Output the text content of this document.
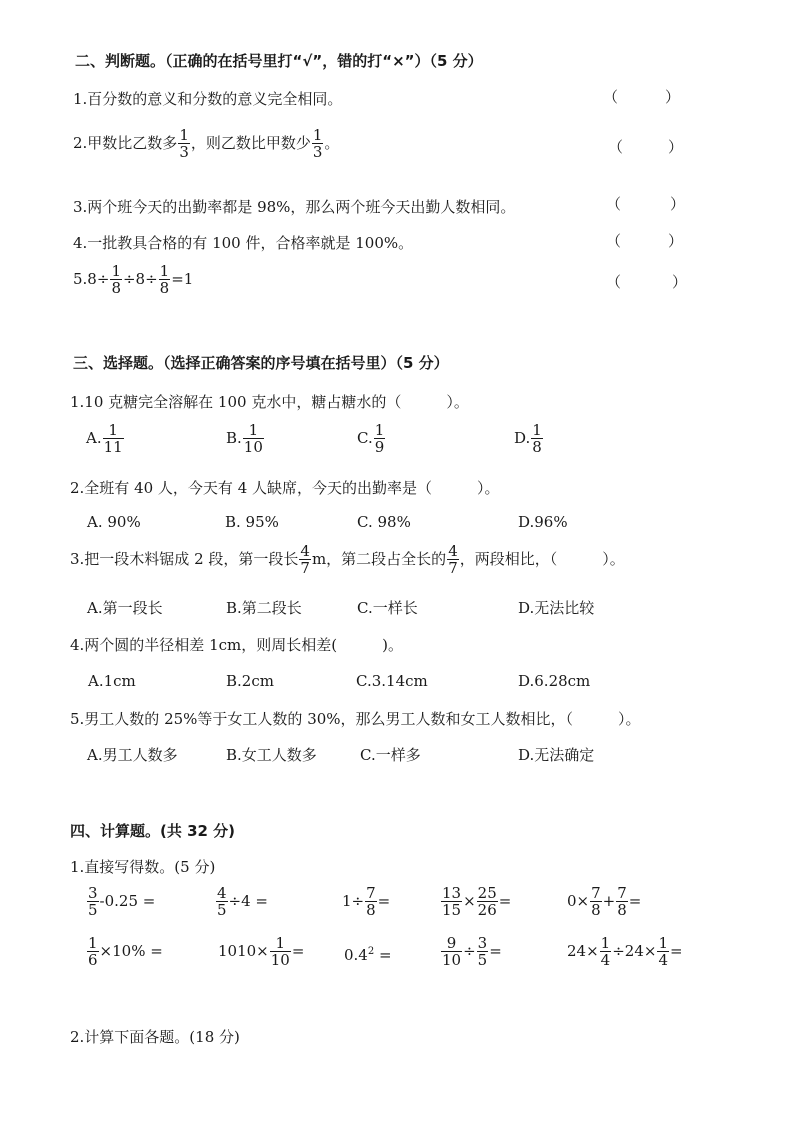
二、判断题。（正确的在括号里打“√”，错的打“×”）（5 分）
1.百分数的意义和分数的意义完全相同。	（	）
2.甲数比乙数多 $\frac{1}{3}$ ，则乙数比甲数少 $\frac{1}{3}$ 。	（	）
3.两个班今天的出勤率都是 98%，那么两个班今天出勤人数相同。	（	）
4.一批教具合格的有 100 件，合格率就是 100%。	（	）
$5.8\div \frac{1}{8} \div 8\div \frac{1}{8} =1$	（	）
三、选择题。（选择正确答案的序号填在括号里）（5 分）
1.10 克糖完全溶解在 100 克水中，糖占糖水的（　　　）。
A. $\frac{1}{11}$	B. $\frac{1}{10}$	C. $\frac{1}{9}$	D. $\frac{1}{8}$
2.全班有 40 人，今天有 4 人缺席，今天的出勤率是（　　　）。
A. 90%	B. 95%	C. 98%	D.96%
3.把一段木料锯成 2 段，第一段长 $\frac{4}{7}$ m，第二段占全长的 $\frac{4}{7}$ ，两段相比，（　　　）。
A.第一段长	B.第二段长	C.一样长	D.无法比较
4.两个圆的半径相差 1cm，则周长相差(　　　)。
A.1cm	B.2cm	C.3.14cm	D.6.28cm
5.男工人数的 25%等于女工人数的 30%，那么男工人数和女工人数相比，（　　　）。
A.男工人数多	B.女工人数多	C.一样多	D.无法确定
四、计算题。(共 32 分)
1.直接写得数。(5 分)
$\frac{3}{5} -0.25$ =	$\frac{4}{5} \div 4$ =	$1\div \frac{7}{8}$ =	$\frac{13}{15} \times \frac{25}{26}$ =	$0\times \frac{7}{8} + \frac{7}{8}$ =
$\frac{1}{6} \times 10\%$ =	$1010\times \frac{1}{10}$ =	$0.4^2$ =	$\frac{9}{10} \div \frac{3}{5}$ =	$24\times \frac{1}{4} \div 24\times \frac{1}{4}$ =
2.计算下面各题。(18 分)
